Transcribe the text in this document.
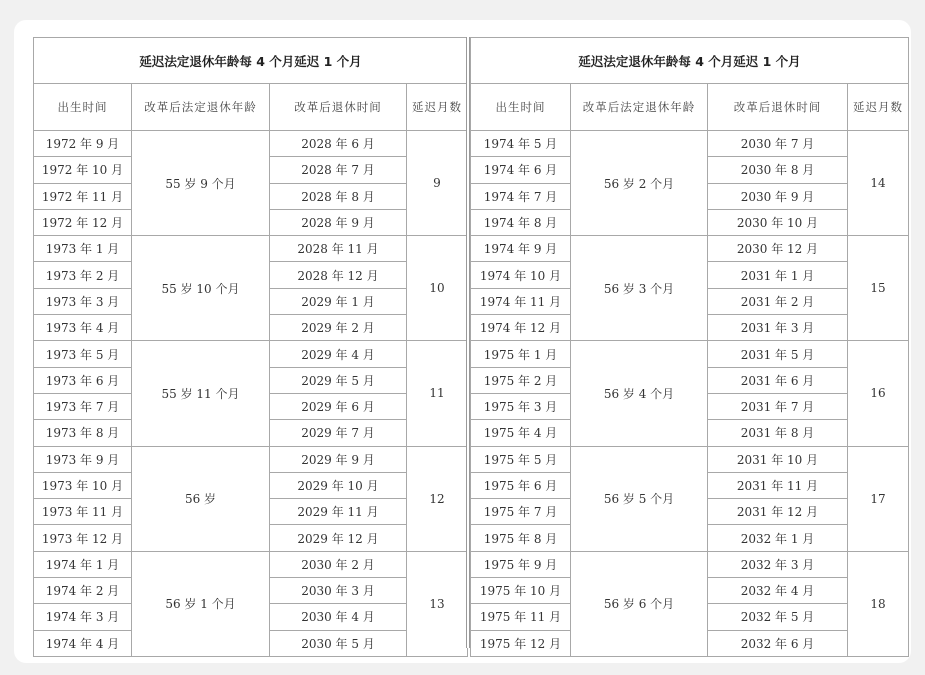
延迟法定退休年龄每 4 个月延迟 1 个月			
出生时间	改革后法定退休年龄	改革后退休时间	延迟月数
1972 年 9 月	55 岁 9 个月	2028 年 6 月	9
1972 年 10 月		2028 年 7 月	
1972 年 11 月		2028 年 8 月	
1972 年 12 月		2028 年 9 月	
1973 年 1 月	55 岁 10 个月	2028 年 11 月	10
1973 年 2 月		2028 年 12 月	
1973 年 3 月		2029 年 1 月	
1973 年 4 月		2029 年 2 月	
1973 年 5 月	55 岁 11 个月	2029 年 4 月	11
1973 年 6 月		2029 年 5 月	
1973 年 7 月		2029 年 6 月	
1973 年 8 月		2029 年 7 月	
1973 年 9 月	56 岁	2029 年 9 月	12
1973 年 10 月		2029 年 10 月	
1973 年 11 月		2029 年 11 月	
1973 年 12 月		2029 年 12 月	
1974 年 1 月	56 岁 1 个月	2030 年 2 月	13
1974 年 2 月		2030 年 3 月	
1974 年 3 月		2030 年 4 月	
1974 年 4 月		2030 年 5 月	
延迟法定退休年龄每 4 个月延迟 1 个月			
出生时间	改革后法定退休年龄	改革后退休时间	延迟月数
1974 年 5 月	56 岁 2 个月	2030 年 7 月	14
1974 年 6 月		2030 年 8 月	
1974 年 7 月		2030 年 9 月	
1974 年 8 月		2030 年 10 月	
1974 年 9 月	56 岁 3 个月	2030 年 12 月	15
1974 年 10 月		2031 年 1 月	
1974 年 11 月		2031 年 2 月	
1974 年 12 月		2031 年 3 月	
1975 年 1 月	56 岁 4 个月	2031 年 5 月	16
1975 年 2 月		2031 年 6 月	
1975 年 3 月		2031 年 7 月	
1975 年 4 月		2031 年 8 月	
1975 年 5 月	56 岁 5 个月	2031 年 10 月	17
1975 年 6 月		2031 年 11 月	
1975 年 7 月		2031 年 12 月	
1975 年 8 月		2032 年 1 月	
1975 年 9 月	56 岁 6 个月	2032 年 3 月	18
1975 年 10 月		2032 年 4 月	
1975 年 11 月		2032 年 5 月	
1975 年 12 月		2032 年 6 月	
